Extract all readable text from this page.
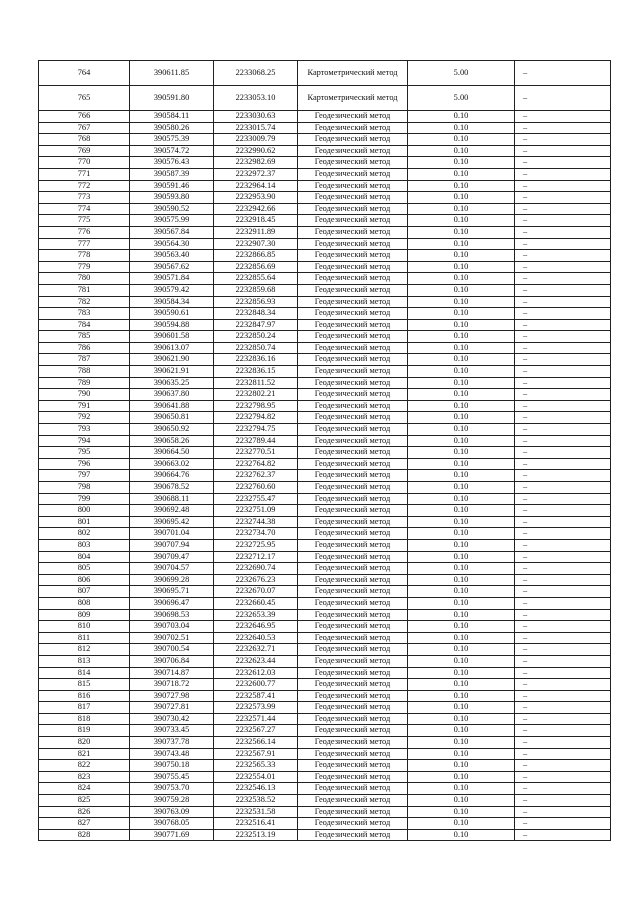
764	390611.85	2233068.25	Картометрический метод	5.00	–
765	390591.80	2233053.10	Картометрический метод	5.00	–
766	390584.11	2233030.63	Геодезический метод	0.10	–
767	390580.26	2233015.74	Геодезический метод	0.10	–
768	390575.39	2233009.79	Геодезический метод	0.10	–
769	390574.72	2232990.62	Геодезический метод	0.10	–
770	390576.43	2232982.69	Геодезический метод	0.10	–
771	390587.39	2232972.37	Геодезический метод	0.10	–
772	390591.46	2232964.14	Геодезический метод	0.10	–
773	390593.80	2232953.90	Геодезический метод	0.10	–
774	390590.52	2232942.66	Геодезический метод	0.10	–
775	390575.99	2232918.45	Геодезический метод	0.10	–
776	390567.84	2232911.89	Геодезический метод	0.10	–
777	390564.30	2232907.30	Геодезический метод	0.10	–
778	390563.40	2232866.85	Геодезический метод	0.10	–
779	390567.62	2232856.69	Геодезический метод	0.10	–
780	390571.84	2232855.64	Геодезический метод	0.10	–
781	390579.42	2232859.68	Геодезический метод	0.10	–
782	390584.34	2232856.93	Геодезический метод	0.10	–
783	390590.61	2232848.34	Геодезический метод	0.10	–
784	390594.88	2232847.97	Геодезический метод	0.10	–
785	390601.58	2232850.24	Геодезический метод	0.10	–
786	390613.07	2232850.74	Геодезический метод	0.10	–
787	390621.90	2232836.16	Геодезический метод	0.10	–
788	390621.91	2232836.15	Геодезический метод	0.10	–
789	390635.25	2232811.52	Геодезический метод	0.10	–
790	390637.80	2232802.21	Геодезический метод	0.10	–
791	390641.88	2232798.95	Геодезический метод	0.10	–
792	390650.81	2232794.82	Геодезический метод	0.10	–
793	390650.92	2232794.75	Геодезический метод	0.10	–
794	390658.26	2232789.44	Геодезический метод	0.10	–
795	390664.50	2232770.51	Геодезический метод	0.10	–
796	390663.02	2232764.82	Геодезический метод	0.10	–
797	390664.76	2232762.37	Геодезический метод	0.10	–
798	390678.52	2232760.60	Геодезический метод	0.10	–
799	390688.11	2232755.47	Геодезический метод	0.10	–
800	390692.48	2232751.09	Геодезический метод	0.10	–
801	390695.42	2232744.38	Геодезический метод	0.10	–
802	390701.04	2232734.70	Геодезический метод	0.10	–
803	390707.94	2232725.95	Геодезический метод	0.10	–
804	390709.47	2232712.17	Геодезический метод	0.10	–
805	390704.57	2232690.74	Геодезический метод	0.10	–
806	390699.28	2232676.23	Геодезический метод	0.10	–
807	390695.71	2232670.07	Геодезический метод	0.10	–
808	390696.47	2232660.45	Геодезический метод	0.10	–
809	390698.53	2232653.39	Геодезический метод	0.10	–
810	390703.04	2232646.95	Геодезический метод	0.10	–
811	390702.51	2232640.53	Геодезический метод	0.10	–
812	390700.54	2232632.71	Геодезический метод	0.10	–
813	390706.84	2232623.44	Геодезический метод	0.10	–
814	390714.87	2232612.03	Геодезический метод	0.10	–
815	390718.72	2232600.77	Геодезический метод	0.10	–
816	390727.98	2232587.41	Геодезический метод	0.10	–
817	390727.81	2232573.99	Геодезический метод	0.10	–
818	390730.42	2232571.44	Геодезический метод	0.10	–
819	390733.45	2232567.27	Геодезический метод	0.10	–
820	390737.78	2232566.14	Геодезический метод	0.10	–
821	390743.48	2232567.91	Геодезический метод	0.10	–
822	390750.18	2232565.33	Геодезический метод	0.10	–
823	390755.45	2232554.01	Геодезический метод	0.10	–
824	390753.70	2232546.13	Геодезический метод	0.10	–
825	390759.28	2232538.52	Геодезический метод	0.10	–
826	390763.09	2232531.58	Геодезический метод	0.10	–
827	390768.05	2232516.41	Геодезический метод	0.10	–
828	390771.69	2232513.19	Геодезический метод	0.10	–
